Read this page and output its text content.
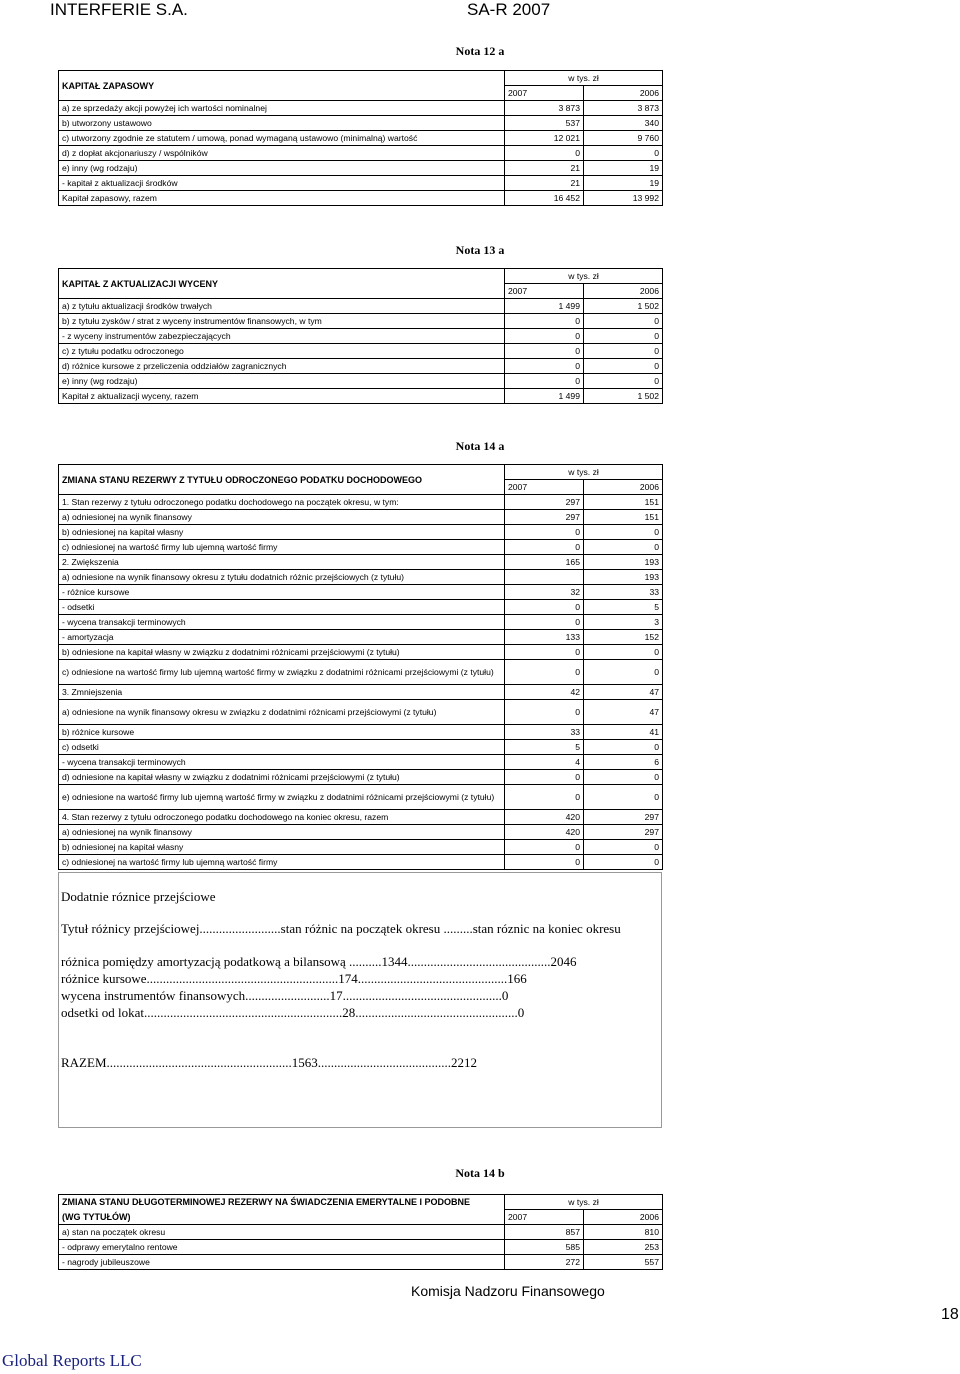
INTERFERIE S.A.	SA-R 2007
Nota 12 a
KAPITAŁ ZAPASOWY	w tys. zł	
	2007	2006
a) ze sprzedaży akcji powyżej ich wartości nominalnej	3 873	3 873
b) utworzony ustawowo	537	340
c) utworzony zgodnie ze statutem / umową, ponad wymaganą ustawowo (minimalną) wartość	12 021	9 760
d) z dopłat akcjonariuszy / wspólników	0	0
e) inny (wg rodzaju)	21	19
- kapitał z aktualizacji środków	21	19
Kapitał zapasowy, razem	16 452	13 992
Nota 13 a
KAPITAŁ Z AKTUALIZACJI WYCENY	w tys. zł	
	2007	2006
a) z tytułu aktualizacji środków trwałych	1 499	1 502
b) z tytułu zysków / strat z wyceny instrumentów finansowych, w tym	0	0
- z wyceny instrumentów zabezpieczających	0	0
c) z tytułu podatku odroczonego	0	0
d) różnice kursowe z przeliczenia oddziałów zagranicznych	0	0
e) inny (wg rodzaju)	0	0
Kapitał z aktualizacji wyceny, razem	1 499	1 502
Nota 14 a
ZMIANA STANU REZERWY Z TYTUŁU ODROCZONEGO PODATKU DOCHODOWEGO	w tys. zł	
	2007	2006
1. Stan rezerwy z tytułu odroczonego podatku dochodowego na początek okresu, w tym:	297	151
a) odniesionej na wynik finansowy	297	151
b) odniesionej na kapitał własny	0	0
c) odniesionej na wartość firmy lub ujemną wartość firmy	0	0
2. Zwiększenia	165	193
a) odniesione na wynik finansowy okresu z tytułu dodatnich różnic przejściowych (z tytułu)		193
- różnice kursowe	32	33
- odsetki	0	5
- wycena transakcji terminowych	0	3
- amortyzacja	133	152
b) odniesione na kapitał własny w związku z dodatnimi różnicami przejściowymi (z tytułu)	0	0
c) odniesione na wartość firmy lub ujemną wartość firmy w związku z dodatnimi różnicami przejściowymi (z tytułu)	0	0
3. Zmniejszenia	42	47
a) odniesione na wynik finansowy okresu w związku z dodatnimi różnicami przejściowymi (z tytułu)	0	47
b) różnice kursowe	33	41
c) odsetki	5	0
- wycena transakcji terminowych	4	6
d) odniesione na kapitał własny w związku z dodatnimi różnicami przejściowymi (z tytułu)	0	0
e) odniesione na wartość firmy lub ujemną wartość firmy w związku z dodatnimi różnicami przejściowymi (z tytułu)	0	0
4. Stan rezerwy z tytułu odroczonego podatku dochodowego na koniec okresu, razem	420	297
a) odniesionej na wynik finansowy	420	297
b) odniesionej na kapitał własny	0	0
c) odniesionej na wartość firmy lub ujemną wartość firmy	0	0
Dodatnie róznice przejściowe
Tytuł różnicy przejściowej.........................stan różnic na początek okresu .........stan róznic na koniec okresu
różnica pomiędzy amortyzacją podatkową a bilansową ..........1344............................................2046
różnice kursowe...........................................................174..............................................166
wycena instrumentów finansowych..........................17.................................................0
odsetki od lokat.............................................................28..................................................0
RAZEM.........................................................1563.........................................2212
Nota 14 b
ZMIANA STANU DŁUGOTERMINOWEJ REZERWY NA ŚWIADCZENIA EMERYTALNE I PODOBNE	w tys. zł	
(WG TYTUŁÓW)	2007	2006
a) stan na początek okresu	857	810
- odprawy emerytalno rentowe	585	253
- nagrody jubileuszowe	272	557
Komisja Nadzoru Finansowego
18
Global Reports LLC
